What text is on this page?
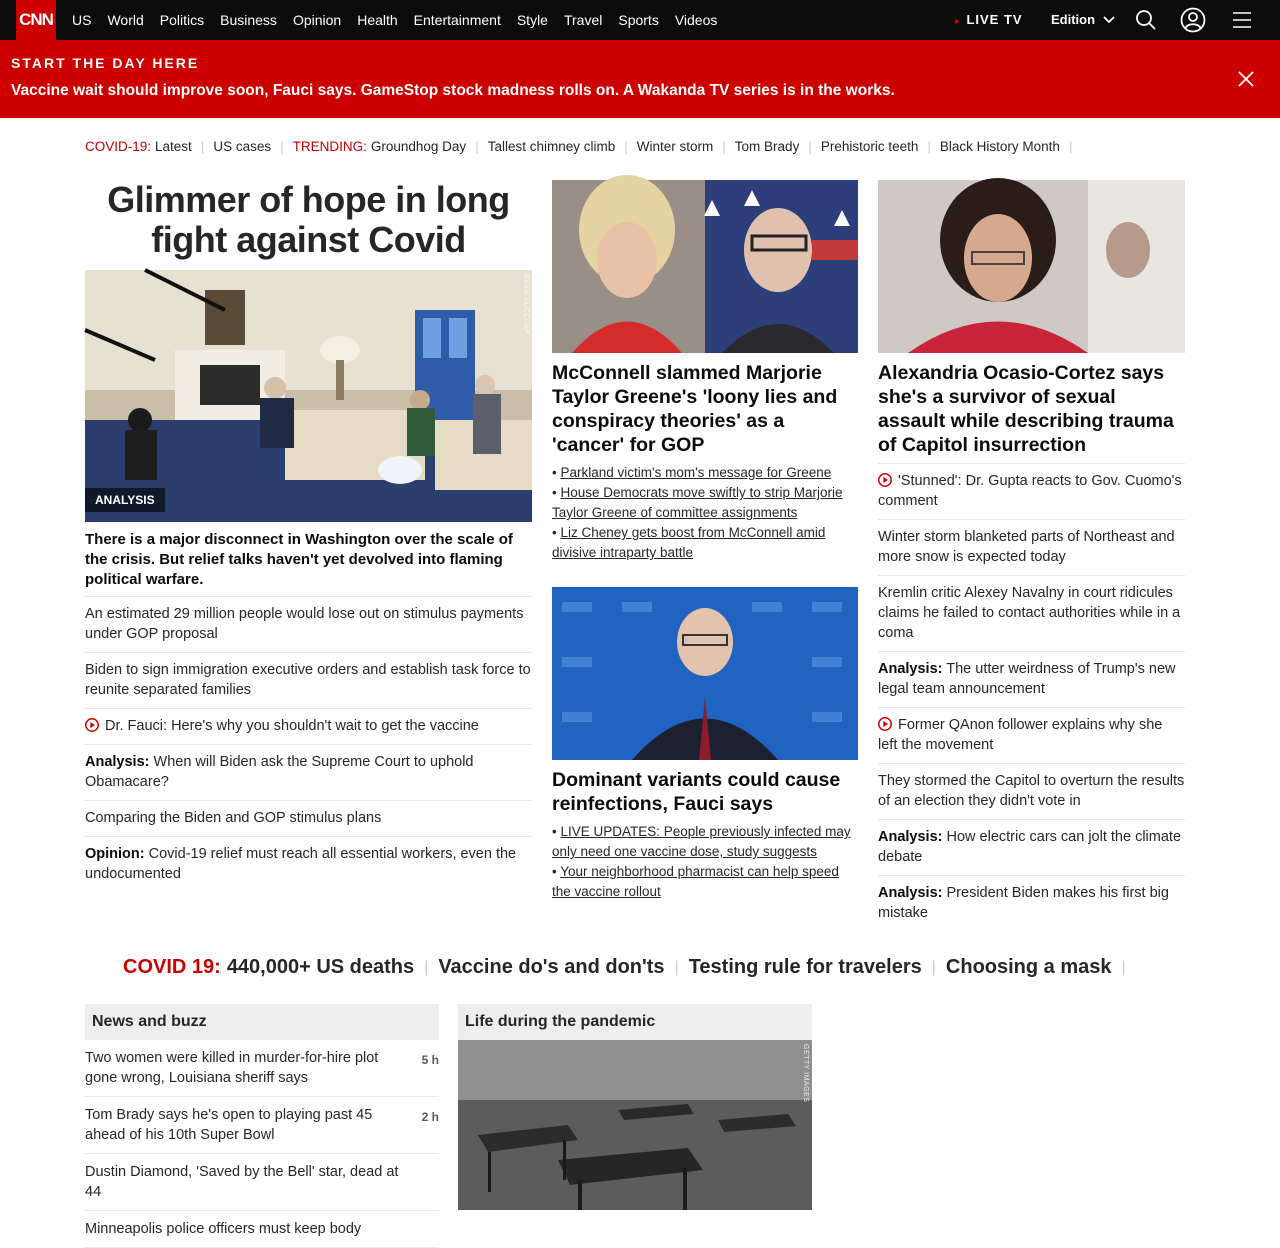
CNN	US	World	Politics	Business	Opinion	Health	Entertainment	Style	Travel	Sports	Videos	● LIVE TV Edition
START THE DAY HERE
Vaccine wait should improve soon, Fauci says. GameStop stock madness rolls on. A Wakanda TV series is in the works.
COVID-19: Latest | US cases | TRENDING: Groundhog Day | Tallest chimney climb | Winter storm | Tom Brady | Prehistoric teeth | Black History Month |
Glimmer of hope in long fight against Covid
ANALYSIS
EVAN VUCCI/AP

There is a major disconnect in Washington over the scale of the crisis. But relief talks haven't yet devolved into flaming political warfare.

An estimated 29 million people would lose out on stimulus payments under GOP proposal
Biden to sign immigration executive orders and establish task force to reunite separated families
Dr. Fauci: Here's why you shouldn't wait to get the vaccine
Analysis: When will Biden ask the Supreme Court to uphold Obamacare?
Comparing the Biden and GOP stimulus plans
Opinion: Covid-19 relief must reach all essential workers, even the undocumented
McConnell slammed Marjorie Taylor Greene's 'loony lies and conspiracy theories' as a 'cancer' for GOP
• Parkland victim's mom's message for Greene
• House Democrats move swiftly to strip Marjorie Taylor Greene of committee assignments
• Liz Cheney gets boost from McConnell amid divisive intraparty battle
Dominant variants could cause reinfections, Fauci says
• LIVE UPDATES: People previously infected may only need one vaccine dose, study suggests
• Your neighborhood pharmacist can help speed the vaccine rollout
Alexandria Ocasio-Cortez says she's a survivor of sexual assault while describing trauma of Capitol insurrection
'Stunned': Dr. Gupta reacts to Gov. Cuomo's comment
Winter storm blanketed parts of Northeast and more snow is expected today
Kremlin critic Alexey Navalny in court ridicules claims he failed to contact authorities while in a coma
Analysis: The utter weirdness of Trump's new legal team announcement
Former QAnon follower explains why she left the movement
They stormed the Capitol to overturn the results of an election they didn't vote in
Analysis: How electric cars can jolt the climate debate
Analysis: President Biden makes his first big mistake
COVID 19: 440,000+ US deaths | Vaccine do's and don'ts | Testing rule for travelers | Choosing a mask |
News and buzz
Two women were killed in murder-for-hire plot gone wrong, Louisiana sheriff says
5 h
Tom Brady says he's open to playing past 45 ahead of his 10th Super Bowl
2 h
Dustin Diamond, 'Saved by the Bell' star, dead at 44
Minneapolis police officers must keep body
Life during the pandemic
GETTY IMAGES
